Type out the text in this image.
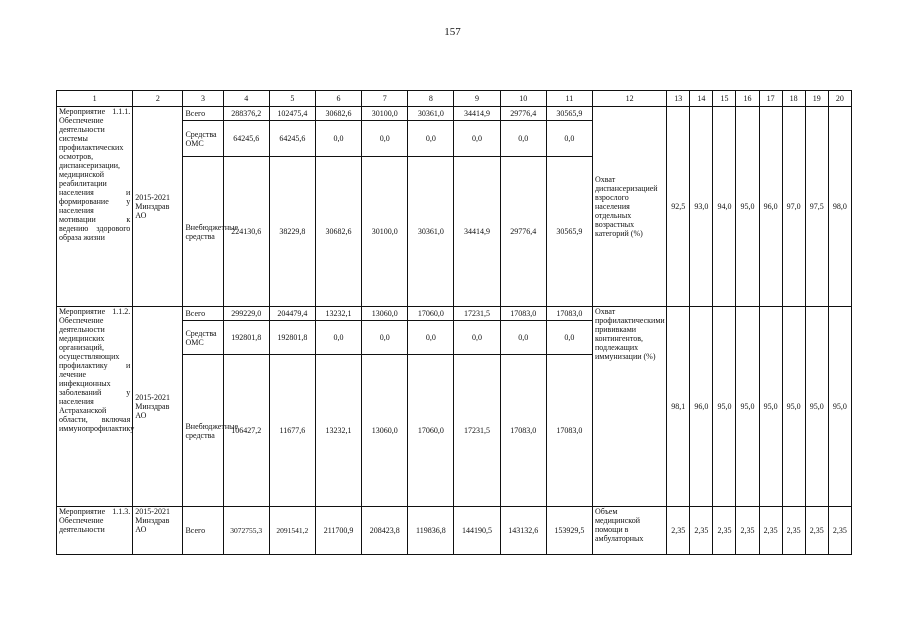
157
1	2	3	4	5	6	7	8	9	10	11	12	13	14	15	16	17	18	19	20
Мероприятие 1.1.1. Обеспечение деятельности системы профилактических осмотров, диспансеризации, медицинской реабилитации населения и формирование у населения мотивации к ведению здорового образа жизни	2015-2021 Минздрав АО	Всего	288376,2	102475,4	30682,6	30100,0	30361,0	34414,9	29776,4	30565,9	Охват диспансеризацией взрослого населения отдельных возрастных категорий (%)	92,5	93,0	94,0	95,0	96,0	97,0	97,5	98,0
		Средства ОМС	64245,6	64245,6	0,0	0,0	0,0	0,0	0,0	0,0									
		Внебюджетные средства	224130,6	38229,8	30682,6	30100,0	30361,0	34414,9	29776,4	30565,9									
Мероприятие 1.1.2. Обеспечение деятельности медицинских организаций, осуществляющих профилактику и лечение инфекционных заболеваний у населения Астраханской области, включая иммунопрофилактику	2015-2021 Минздрав АО	Всего	299229,0	204479,4	13232,1	13060,0	17060,0	17231,5	17083,0	17083,0	Охват профилактическими прививками контингентов, подлежащих иммунизации (%)	98,1	96,0	95,0	95,0	95,0	95,0	95,0	95,0
		Средства ОМС	192801,8	192801,8	0,0	0,0	0,0	0,0	0,0	0,0									
		Внебюджетные средства	106427,2	11677,6	13232,1	13060,0	17060,0	17231,5	17083,0	17083,0									
Мероприятие 1.1.3. Обеспечение деятельности	2015-2021 Минздрав АО	Всего	3072755,3	2091541,2	211700,9	208423,8	119836,8	144190,5	143132,6	153929,5	Объем медицинской помощи в амбулаторных	2,35	2,35	2,35	2,35	2,35	2,35	2,35	2,35
